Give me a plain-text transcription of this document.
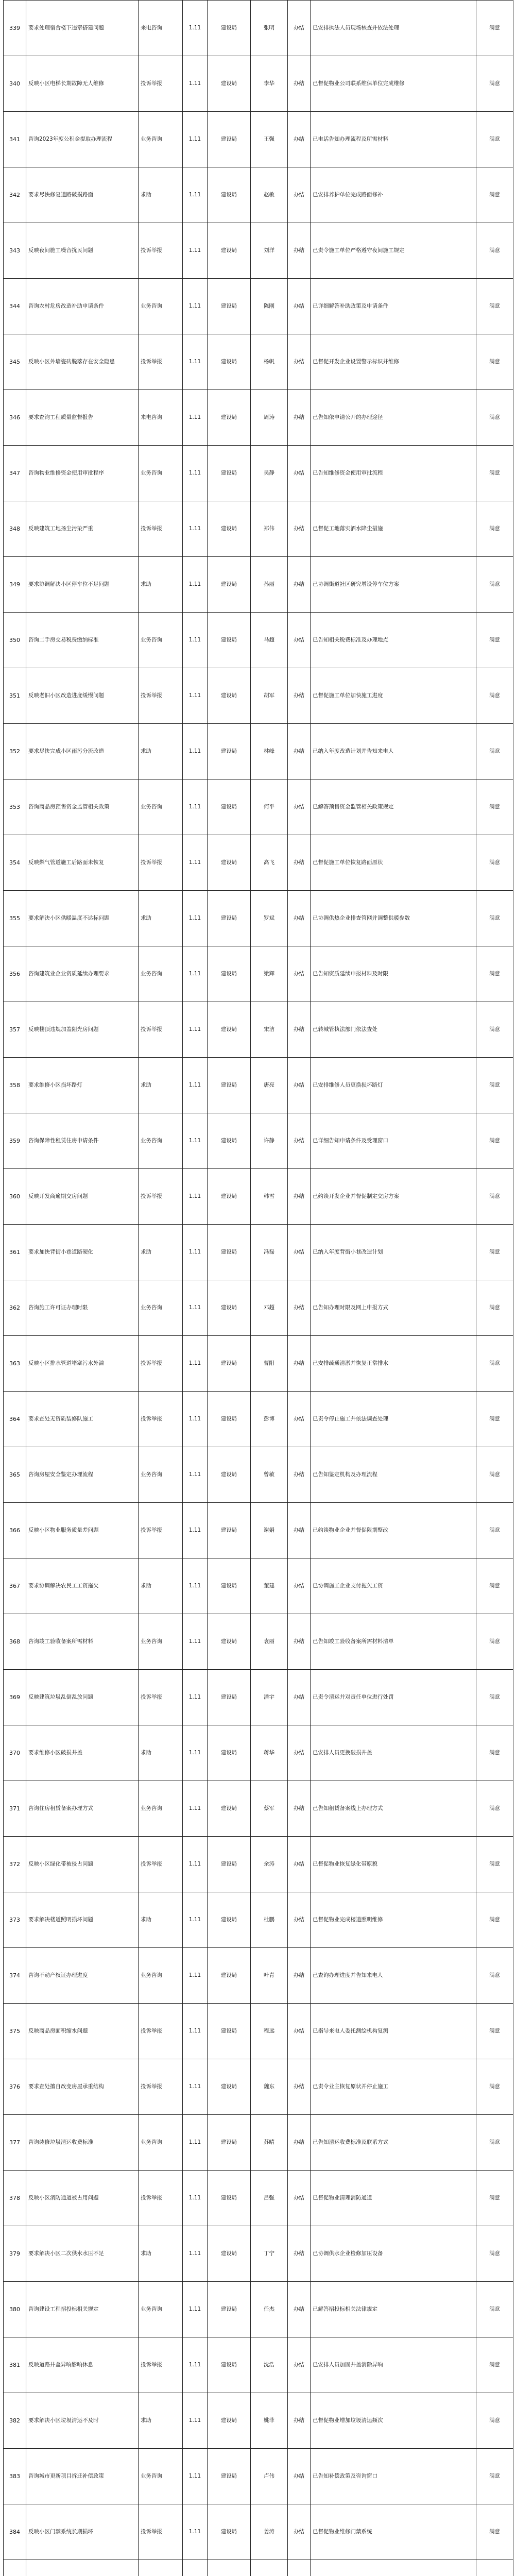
339	要求处理宿舍楼下违章搭建问题	来电咨询	1.11	建设局	张明	办结	已安排执法人员现场核查并依法处理	满意
340	反映小区电梯长期故障无人维修	投诉举报	1.11	建设局	李华	办结	已督促物业公司联系维保单位完成维修	满意
341	咨询2023年度公积金提取办理流程	业务咨询	1.11	建设局	王强	办结	已电话告知办理流程及所需材料	满意
342	要求尽快修复道路破损路面	求助	1.11	建设局	赵敏	办结	已安排养护单位完成路面修补	满意
343	反映夜间施工噪音扰民问题	投诉举报	1.11	建设局	刘洋	办结	已责令施工单位严格遵守夜间施工规定	满意
344	咨询农村危房改造补助申请条件	业务咨询	1.11	建设局	陈刚	办结	已详细解答补助政策及申请条件	满意
345	反映小区外墙瓷砖脱落存在安全隐患	投诉举报	1.11	建设局	杨帆	办结	已督促开发企业设置警示标识并维修	满意
346	要求查询工程质量监督报告	来电咨询	1.11	建设局	周涛	办结	已告知依申请公开的办理途径	满意
347	咨询物业维修资金使用审批程序	业务咨询	1.11	建设局	吴静	办结	已告知维修资金使用审批流程	满意
348	反映建筑工地扬尘污染严重	投诉举报	1.11	建设局	郑伟	办结	已督促工地落实洒水降尘措施	满意
349	要求协调解决小区停车位不足问题	求助	1.11	建设局	孙丽	办结	已协调街道社区研究增设停车位方案	满意
350	咨询二手房交易税费缴纳标准	业务咨询	1.11	建设局	马超	办结	已告知相关税费标准及办理地点	满意
351	反映老旧小区改造进度缓慢问题	投诉举报	1.11	建设局	胡军	办结	已督促施工单位加快施工进度	满意
352	要求尽快完成小区雨污分流改造	求助	1.11	建设局	林峰	办结	已纳入年度改造计划并告知来电人	满意
353	咨询商品房预售资金监管相关政策	业务咨询	1.11	建设局	何平	办结	已解答预售资金监管相关政策规定	满意
354	反映燃气管道施工后路面未恢复	投诉举报	1.11	建设局	高飞	办结	已督促施工单位恢复路面原状	满意
355	要求解决小区供暖温度不达标问题	求助	1.11	建设局	罗斌	办结	已协调供热企业排查管网并调整供暖参数	满意
356	咨询建筑业企业资质延续办理要求	业务咨询	1.11	建设局	梁辉	办结	已告知资质延续申报材料及时限	满意
357	反映楼顶违规加盖阳光房问题	投诉举报	1.11	建设局	宋洁	办结	已转城管执法部门依法查处	满意
358	要求维修小区损坏路灯	求助	1.11	建设局	唐亮	办结	已安排维修人员更换损坏路灯	满意
359	咨询保障性租赁住房申请条件	业务咨询	1.11	建设局	许静	办结	已详细告知申请条件及受理窗口	满意
360	反映开发商逾期交房问题	投诉举报	1.11	建设局	韩雪	办结	已约谈开发企业并督促制定交房方案	满意
361	要求加快背街小巷道路硬化	求助	1.11	建设局	冯磊	办结	已纳入年度背街小巷改造计划	满意
362	咨询施工许可证办理时限	业务咨询	1.11	建设局	邓超	办结	已告知办理时限及网上申报方式	满意
363	反映小区排水管道堵塞污水外溢	投诉举报	1.11	建设局	曹阳	办结	已安排疏通清淤并恢复正常排水	满意
364	要求查处无资质装修队施工	投诉举报	1.11	建设局	彭博	办结	已责令停止施工并依法调查处理	满意
365	咨询房屋安全鉴定办理流程	业务咨询	1.11	建设局	曾敏	办结	已告知鉴定机构及办理流程	满意
366	反映小区物业服务质量差问题	投诉举报	1.11	建设局	谢娟	办结	已约谈物业企业并督促限期整改	满意
367	要求协调解决农民工工资拖欠	求助	1.11	建设局	董建	办结	已协调施工企业支付拖欠工资	满意
368	咨询竣工验收备案所需材料	业务咨询	1.11	建设局	袁丽	办结	已告知竣工验收备案所需材料清单	满意
369	反映建筑垃圾乱倒乱放问题	投诉举报	1.11	建设局	潘宇	办结	已责令清运并对责任单位进行处罚	满意
370	要求维修小区破损井盖	求助	1.11	建设局	蒋华	办结	已安排人员更换破损井盖	满意
371	咨询住房租赁备案办理方式	业务咨询	1.11	建设局	蔡军	办结	已告知租赁备案线上办理方式	满意
372	反映小区绿化带被侵占问题	投诉举报	1.11	建设局	余涛	办结	已督促物业恢复绿化带原貌	满意
373	要求解决楼道照明损坏问题	求助	1.11	建设局	杜鹏	办结	已督促物业完成楼道照明维修	满意
374	咨询不动产权证办理进度	业务咨询	1.11	建设局	叶青	办结	已查询办理进度并告知来电人	满意
375	反映商品房面积缩水问题	投诉举报	1.11	建设局	程远	办结	已指导来电人委托测绘机构复测	满意
376	要求查处擅自改变房屋承重结构	投诉举报	1.11	建设局	魏东	办结	已责令业主恢复原状并停止施工	满意
377	咨询装修垃圾清运收费标准	业务咨询	1.11	建设局	苏晴	办结	已告知清运收费标准及联系方式	满意
378	反映小区消防通道被占用问题	投诉举报	1.11	建设局	吕强	办结	已督促物业清理消防通道	满意
379	要求解决小区二次供水水压不足	求助	1.11	建设局	丁宁	办结	已协调供水企业检修加压设备	满意
380	咨询建设工程招投标相关规定	业务咨询	1.11	建设局	任杰	办结	已解答招投标相关法律规定	满意
381	反映道路井盖异响影响休息	投诉举报	1.11	建设局	沈浩	办结	已安排人员加固井盖消除异响	满意
382	要求解决小区垃圾清运不及时	求助	1.11	建设局	姚菲	办结	已督促物业增加垃圾清运频次	满意
383	咨询城市更新项目拆迁补偿政策	业务咨询	1.11	建设局	卢伟	办结	已告知补偿政策及咨询窗口	满意
384	反映小区门禁系统长期损坏	投诉举报	1.11	建设局	姜涛	办结	已督促物业维修门禁系统	满意
